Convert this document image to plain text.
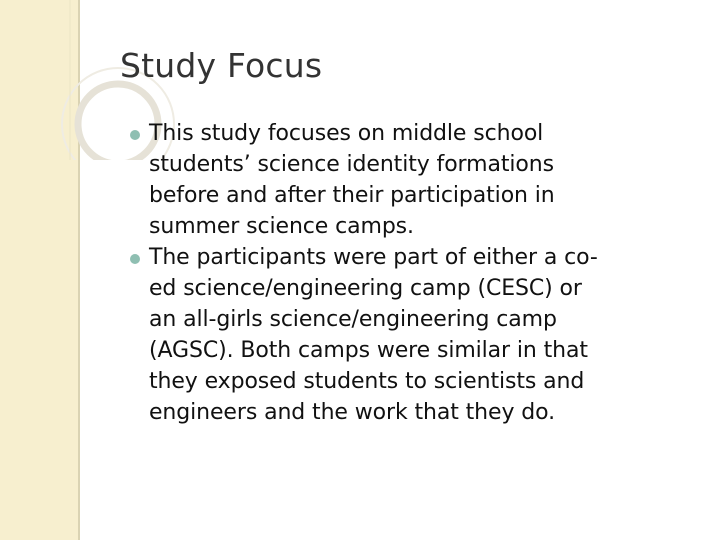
Study Focus
This study focuses on middle school
students’ science identity formations
before and after their participation in
summer science camps.
The participants were part of either a co-
ed science/engineering camp (CESC) or
an all-girls science/engineering camp
(AGSC). Both camps were similar in that
they exposed students to scientists and
engineers and the work that they do.
